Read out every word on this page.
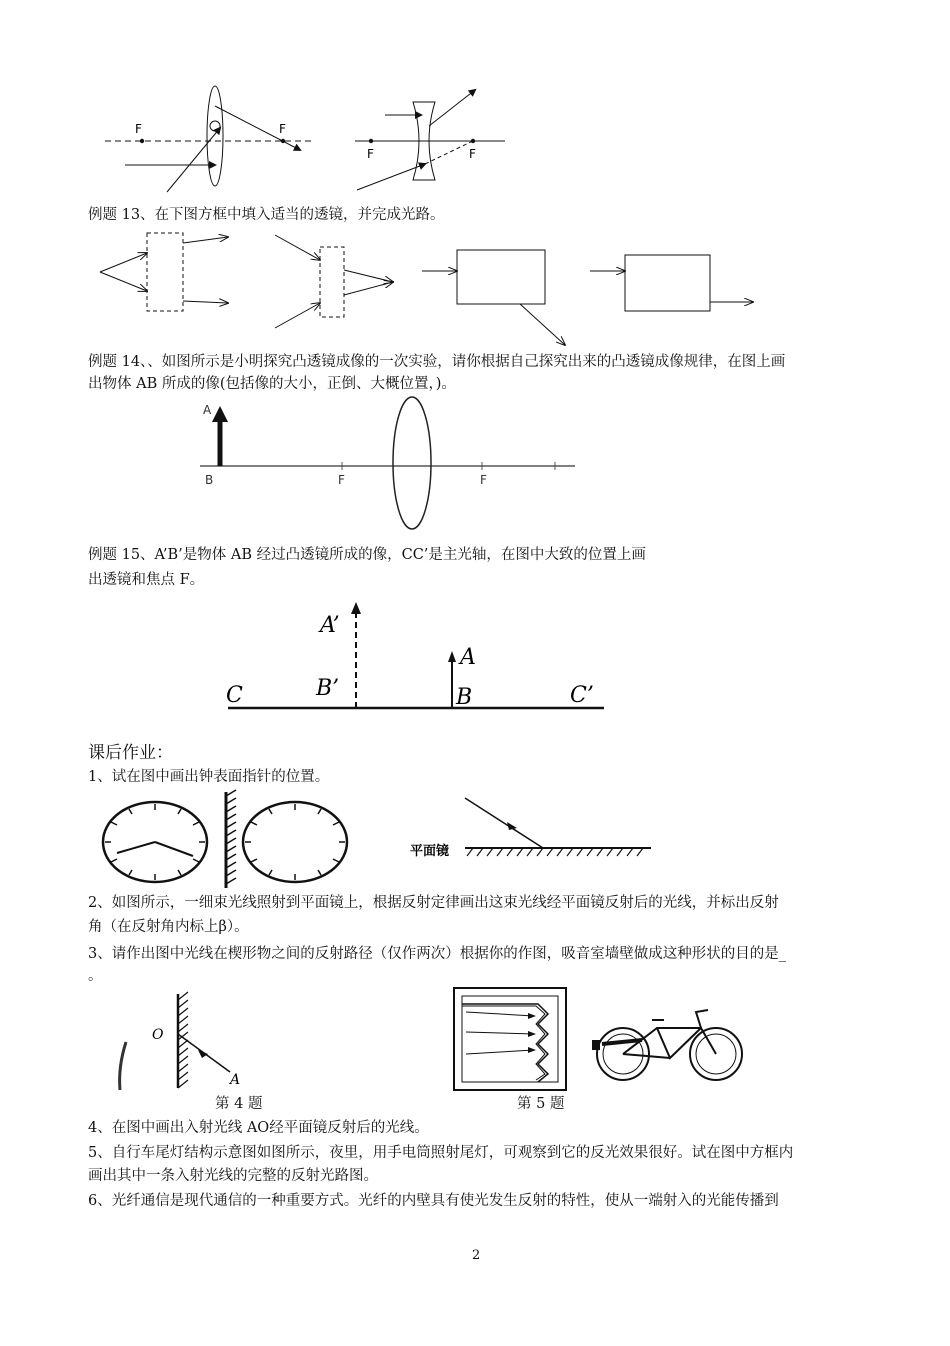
F	F
F	F
例题 13、在下图方框中填入适当的透镜，并完成光路。
例题 14、、如图所示是小明探究凸透镜成像的一次实验，请你根据自己探究出来的凸透镜成像规律，在图上画
出物体 AB 所成的像(包括像的大小，正倒、大概位置，)。
A
B	F	F
例题 15、A’B’是物体 AB 经过凸透镜所成的像，CC’是主光轴，在图中大致的位置上画
出透镜和焦点 F。
A’
B’
A
B
C	C’
课后作业：
1、试在图中画出钟表面指针的位置。
平面镜
2、如图所示，一细束光线照射到平面镜上，根据反射定律画出这束光线经平面镜反射后的光线，并标出反射
角（在反射角内标上β）。
3、请作出图中光线在楔形物之间的反射路径（仅作两次）根据你的作图，吸音室墙壁做成这种形状的目的是_
。
O
A
第 4 题	第 5 题
4、在图中画出入射光线 AO经平面镜反射后的光线。
5、自行车尾灯结构示意图如图所示，夜里，用手电筒照射尾灯，可观察到它的反光效果很好。试在图中方框内
画出其中一条入射光线的完整的反射光路图。
6、光纤通信是现代通信的一种重要方式。光纤的内壁具有使光发生反射的特性，使从一端射入的光能传播到
2
